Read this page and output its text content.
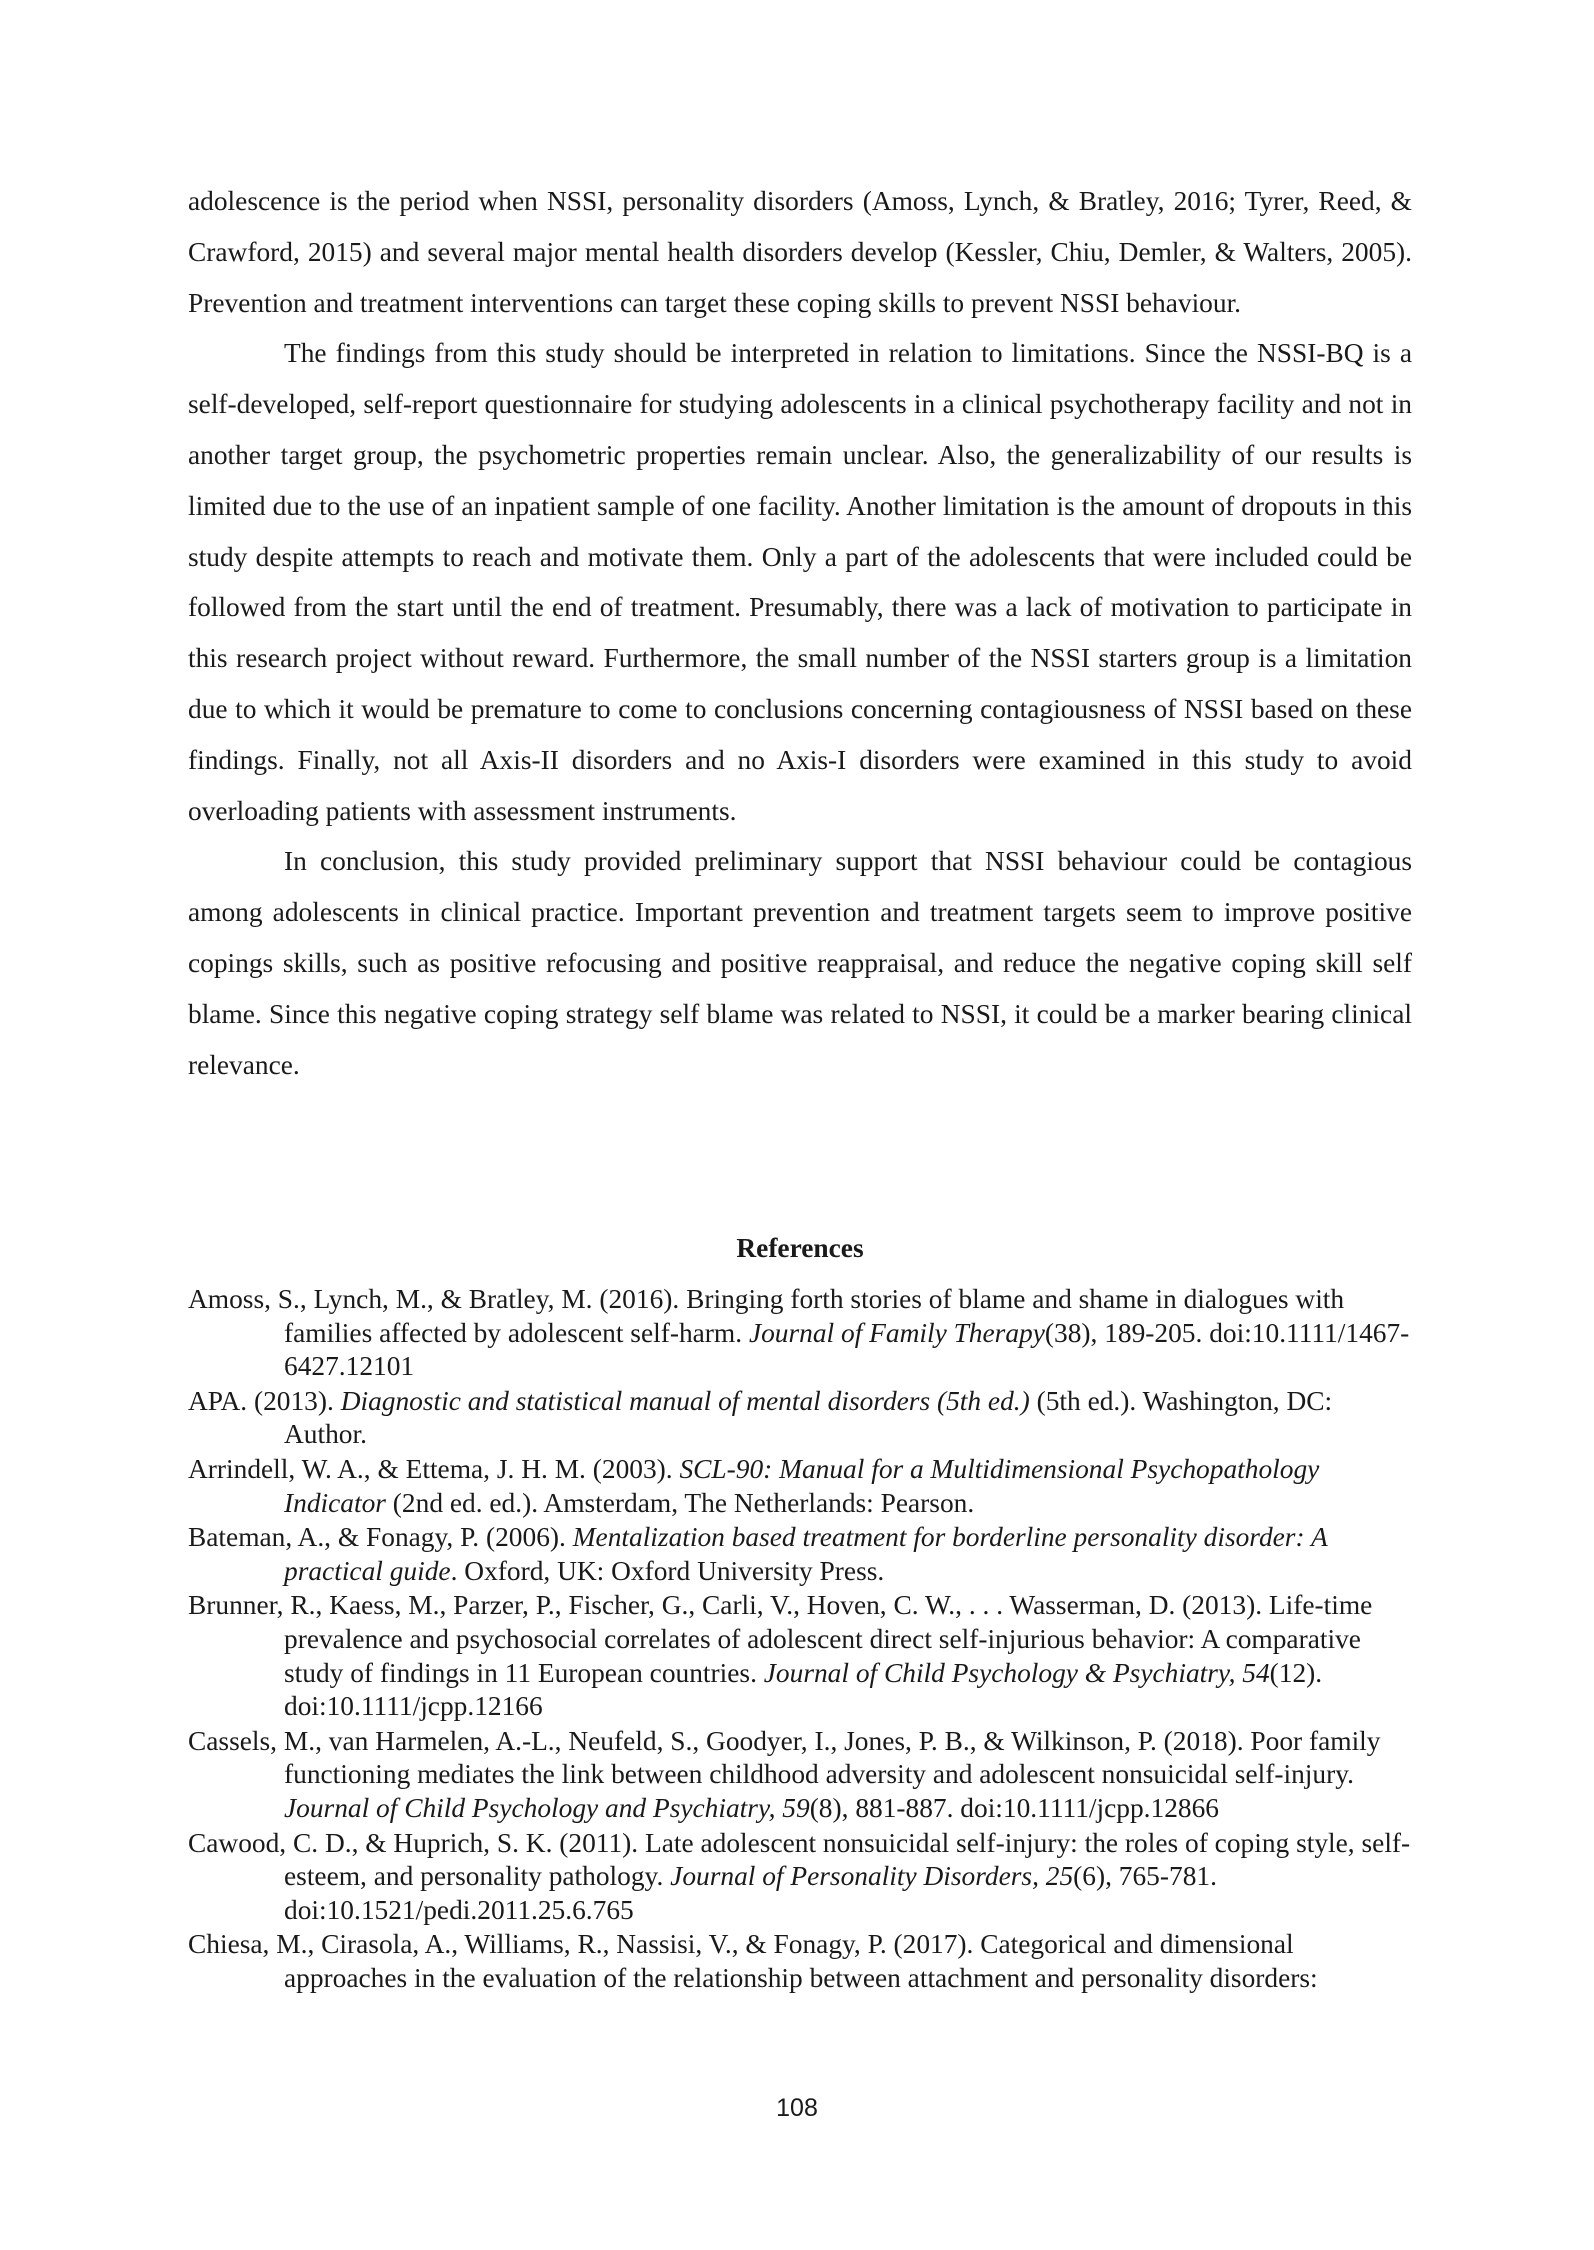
adolescence is the period when NSSI, personality disorders (Amoss, Lynch, & Bratley, 2016; Tyrer, Reed, & Crawford, 2015) and several major mental health disorders develop (Kessler, Chiu, Demler, & Walters, 2005). Prevention and treatment interventions can target these coping skills to prevent NSSI behaviour.

The findings from this study should be interpreted in relation to limitations. Since the NSSI-BQ is a self-developed, self-report questionnaire for studying adolescents in a clinical psychotherapy facility and not in another target group, the psychometric properties remain unclear. Also, the generalizability of our results is limited due to the use of an inpatient sample of one facility. Another limitation is the amount of dropouts in this study despite attempts to reach and motivate them. Only a part of the adolescents that were included could be followed from the start until the end of treatment. Presumably, there was a lack of motivation to participate in this research project without reward. Furthermore, the small number of the NSSI starters group is a limitation due to which it would be premature to come to conclusions concerning contagiousness of NSSI based on these findings. Finally, not all Axis-II disorders and no Axis-I disorders were examined in this study to avoid overloading patients with assessment instruments.

In conclusion, this study provided preliminary support that NSSI behaviour could be contagious among adolescents in clinical practice. Important prevention and treatment targets seem to improve positive copings skills, such as positive refocusing and positive reappraisal, and reduce the negative coping skill self blame. Since this negative coping strategy self blame was related to NSSI, it could be a marker bearing clinical relevance.

References
Amoss, S., Lynch, M., & Bratley, M. (2016). Bringing forth stories of blame and shame in dialogues with families affected by adolescent self-harm. Journal of Family Therapy(38), 189-205. doi:10.1111/1467-6427.12101
APA. (2013). Diagnostic and statistical manual of mental disorders (5th ed.) (5th ed.). Washington, DC: Author.
Arrindell, W. A., & Ettema, J. H. M. (2003). SCL-90: Manual for a Multidimensional Psychopathology Indicator (2nd ed. ed.). Amsterdam, The Netherlands: Pearson.
Bateman, A., & Fonagy, P. (2006). Mentalization based treatment for borderline personality disorder: A practical guide. Oxford, UK: Oxford University Press.
Brunner, R., Kaess, M., Parzer, P., Fischer, G., Carli, V., Hoven, C. W., . . . Wasserman, D. (2013). Life-time prevalence and psychosocial correlates of adolescent direct self-injurious behavior: A comparative study of findings in 11 European countries. Journal of Child Psychology & Psychiatry, 54(12). doi:10.1111/jcpp.12166
Cassels, M., van Harmelen, A.-L., Neufeld, S., Goodyer, I., Jones, P. B., & Wilkinson, P. (2018). Poor family functioning mediates the link between childhood adversity and adolescent nonsuicidal self-injury. Journal of Child Psychology and Psychiatry, 59(8), 881-887. doi:10.1111/jcpp.12866
Cawood, C. D., & Huprich, S. K. (2011). Late adolescent nonsuicidal self-injury: the roles of coping style, self-esteem, and personality pathology. Journal of Personality Disorders, 25(6), 765-781. doi:10.1521/pedi.2011.25.6.765
Chiesa, M., Cirasola, A., Williams, R., Nassisi, V., & Fonagy, P. (2017). Categorical and dimensional approaches in the evaluation of the relationship between attachment and personality disorders:
108
